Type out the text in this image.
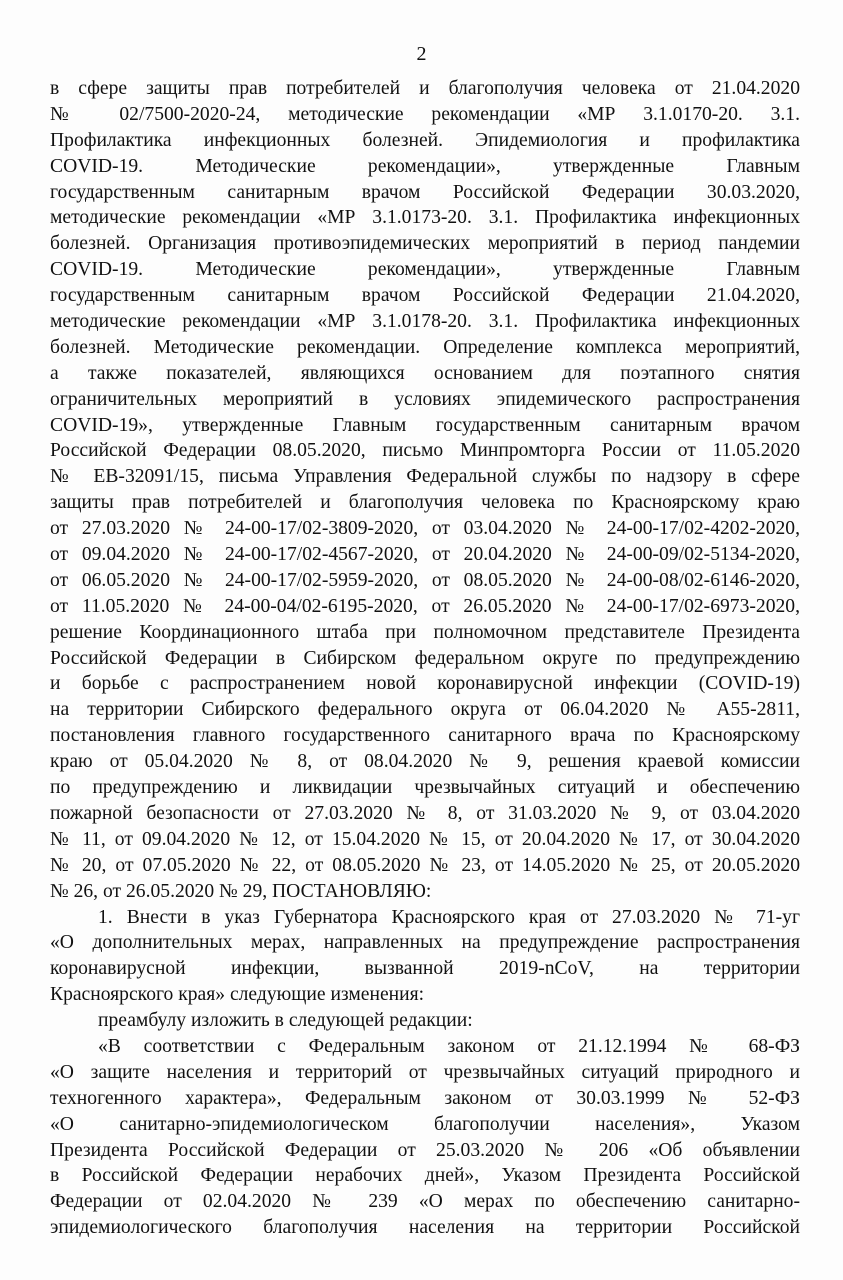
2
в сфере защиты прав потребителей и благополучия человека от 21.04.2020
№ 02/7500-2020-24, методические рекомендации «МР 3.1.0170-20. 3.1.
Профилактика инфекционных болезней. Эпидемиология и профилактика
COVID-19. Методические рекомендации», утвержденные Главным
государственным санитарным врачом Российской Федерации 30.03.2020,
методические рекомендации «МР 3.1.0173-20. 3.1. Профилактика инфекционных
болезней. Организация противоэпидемических мероприятий в период пандемии
COVID-19. Методические рекомендации», утвержденные Главным
государственным санитарным врачом Российской Федерации 21.04.2020,
методические рекомендации «МР 3.1.0178-20. 3.1. Профилактика инфекционных
болезней. Методические рекомендации. Определение комплекса мероприятий,
а также показателей, являющихся основанием для поэтапного снятия
ограничительных мероприятий в условиях эпидемического распространения
COVID-19», утвержденные Главным государственным санитарным врачом
Российской Федерации 08.05.2020, письмо Минпромторга России от 11.05.2020
№ ЕВ-32091/15, письма Управления Федеральной службы по надзору в сфере
защиты прав потребителей и благополучия человека по Красноярскому краю
от 27.03.2020 № 24-00-17/02-3809-2020, от 03.04.2020 № 24-00-17/02-4202-2020,
от 09.04.2020 № 24-00-17/02-4567-2020, от 20.04.2020 № 24-00-09/02-5134-2020,
от 06.05.2020 № 24-00-17/02-5959-2020, от 08.05.2020 № 24-00-08/02-6146-2020,
от 11.05.2020 № 24-00-04/02-6195-2020, от 26.05.2020 № 24-00-17/02-6973-2020,
решение Координационного штаба при полномочном представителе Президента
Российской Федерации в Сибирском федеральном округе по предупреждению
и борьбе с распространением новой коронавирусной инфекции (COVID-19)
на территории Сибирского федерального округа от 06.04.2020 № А55-2811,
постановления главного государственного санитарного врача по Красноярскому
краю от 05.04.2020 № 8, от 08.04.2020 № 9, решения краевой комиссии
по предупреждению и ликвидации чрезвычайных ситуаций и обеспечению
пожарной безопасности от 27.03.2020 № 8, от 31.03.2020 № 9, от 03.04.2020
№ 11, от 09.04.2020 № 12, от 15.04.2020 № 15, от 20.04.2020 № 17, от 30.04.2020
№ 20, от 07.05.2020 № 22, от 08.05.2020 № 23, от 14.05.2020 № 25, от 20.05.2020
№ 26, от 26.05.2020 № 29, ПОСТАНОВЛЯЮ:
1. Внести в указ Губернатора Красноярского края от 27.03.2020 № 71-уг
«О дополнительных мерах, направленных на предупреждение распространения
коронавирусной инфекции, вызванной 2019-nCoV, на территории
Красноярского края» следующие изменения:
преамбулу изложить в следующей редакции:
«В соответствии с Федеральным законом от 21.12.1994 № 68-ФЗ
«О защите населения и территорий от чрезвычайных ситуаций природного и
техногенного характера», Федеральным законом от 30.03.1999 № 52-ФЗ
«О санитарно-эпидемиологическом благополучии населения», Указом
Президента Российской Федерации от 25.03.2020 № 206 «Об объявлении
в Российской Федерации нерабочих дней», Указом Президента Российской
Федерации от 02.04.2020 № 239 «О мерах по обеспечению санитарно-
эпидемиологического благополучия населения на территории Российской
